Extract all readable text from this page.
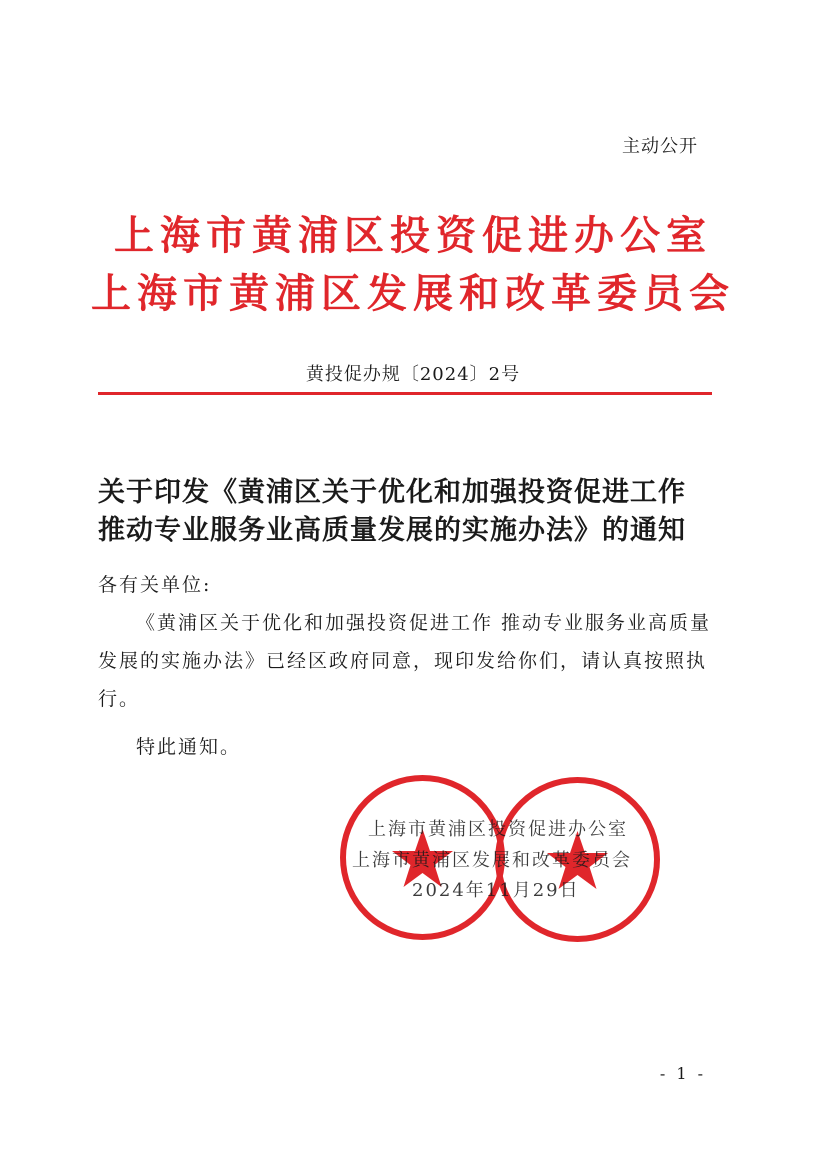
主动公开
上海市黄浦区投资促进办公室
上海市黄浦区发展和改革委员会
黄投促办规〔2024〕2号
关于印发《黄浦区关于优化和加强投资促进工作
推动专业服务业高质量发展的实施办法》的通知
各有关单位:
《黄浦区关于优化和加强投资促进工作 推动专业服务业高质量发展的实施办法》已经区政府同意，现印发给你们，请认真按照执行。
特此通知。
上海市黄浦区投资促进办公室
上海市黄浦区发展和改革委员会
2024年11月29日
- 1 -
